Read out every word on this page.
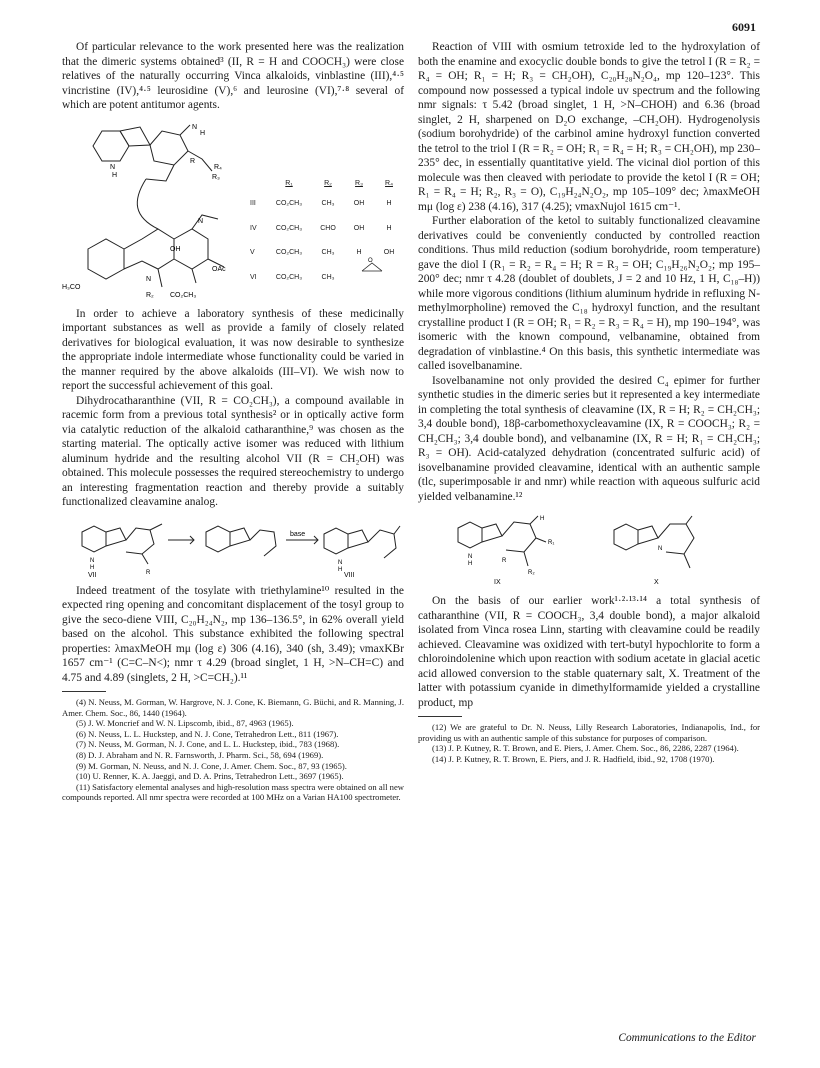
6091

Of particular relevance to the work presented here was the realization that the dimeric systems obtained³ (II, R = H and COOCH₃) were close relatives of the naturally occurring Vinca alkaloids, vinblastine (III),⁴·⁵ vincristine (IV),⁴·⁵ leurosidine (V),⁶ and leurosine (VI),⁷·⁸ several of which are potent antitumor agents.

N
H
N
H
R₄
R₃
R
H₃CO
N
OH
OAc
R₂ CO₂CH₃
N
O
R₁	R₂	R₃	R₄
III	CO₂CH₃	CH₃	OH	H
IV	CO₂CH₃	CHO	OH	H
V	CO₂CH₃	CH₃	H	OH
VI	CO₂CH₃	CH₃

In order to achieve a laboratory synthesis of these medicinally important substances as well as provide a family of closely related derivatives for biological evaluation, it was now desirable to synthesize the appropriate indole intermediate whose functionality could be varied in the manner required by the above alkaloids (III–VI). We wish now to report the successful achievement of this goal.

Dihydrocatharanthine (VII, R = CO₂CH₃), a compound available in racemic form from a previous total synthesis² or in optically active form via catalytic reduction of the alkaloid catharanthine,⁹ was chosen as the starting material. The optically active isomer was reduced with lithium aluminum hydride and the resulting alcohol VII (R = CH₂OH) was obtained. This molecule possesses the required stereochemistry to undergo an interesting fragmentation reaction and thereby provide a suitably functionalized cleavamine analog.

base
N
H
R
N
H
VII	VIII

Indeed treatment of the tosylate with triethylamine¹⁰ resulted in the expected ring opening and concomitant displacement of the tosyl group to give the seco-diene VIII, C₂₀H₂₄N₂, mp 136–136.5°, in 62% overall yield based on the alcohol. This substance exhibited the following spectral properties: λmaxMeOH mμ (log ε) 306 (4.16), 340 (sh, 3.49); νmaxKBr 1657 cm⁻¹ (C=C–N<); nmr τ 4.29 (broad singlet, 1 H, >N–CH=C) and 4.75 and 4.89 (singlets, 2 H, >C=CH₂).¹¹

(4) N. Neuss, M. Gorman, W. Hargrove, N. J. Cone, K. Biemann, G. Büchi, and R. Manning, J. Amer. Chem. Soc., 86, 1440 (1964).

(5) J. W. Moncrief and W. N. Lipscomb, ibid., 87, 4963 (1965).

(6) N. Neuss, L. L. Huckstep, and N. J. Cone, Tetrahedron Lett., 811 (1967).

(7) N. Neuss, M. Gorman, N. J. Cone, and L. L. Huckstep, ibid., 783 (1968).

(8) D. J. Abraham and N. R. Farnsworth, J. Pharm. Sci., 58, 694 (1969).

(9) M. Gorman, N. Neuss, and N. J. Cone, J. Amer. Chem. Soc., 87, 93 (1965).

(10) U. Renner, K. A. Jaeggi, and D. A. Prins, Tetrahedron Lett., 3697 (1965).

(11) Satisfactory elemental analyses and high-resolution mass spectra were obtained on all new compounds reported. All nmr spectra were recorded at 100 MHz on a Varian HA100 spectrometer.

Reaction of VIII with osmium tetroxide led to the hydroxylation of both the enamine and exocyclic double bonds to give the tetrol I (R = R₂ = R₄ = OH; R₁ = H; R₃ = CH₂OH), C₂₀H₂₈N₂O₄, mp 120–123°. This compound now possessed a typical indole uv spectrum and the following nmr signals: τ 5.42 (broad singlet, 1 H, >N–CHOH) and 6.36 (broad singlet, 2 H, sharpened on D₂O exchange, –CH₂OH). Hydrogenolysis (sodium borohydride) of the carbinol amine hydroxyl function converted the tetrol to the triol I (R = R₂ = OH; R₁ = R₄ = H; R₃ = CH₂OH), mp 230–235° dec, in essentially quantitative yield. The vicinal diol portion of this molecule was then cleaved with periodate to provide the ketol I (R = OH; R₁ = R₄ = H; R₂, R₃ = O), C₁₉H₂₄N₂O₂, mp 105–109° dec; λmaxMeOH mμ (log ε) 238 (4.16), 317 (4.25); νmaxNujol 1615 cm⁻¹.

Further elaboration of the ketol to suitably functionalized cleavamine derivatives could be conveniently conducted by controlled reaction conditions. Thus mild reduction (sodium borohydride, room temperature) gave the diol I (R₁ = R₂ = R₄ = H; R = R₃ = OH; C₁₉H₂₆N₂O₂; mp 195–200° dec; nmr τ 4.28 (doublet of doublets, J = 2 and 10 Hz, 1 H, C₁₈–H)) while more vigorous conditions (lithium aluminum hydride in refluxing N-methylmorpholine) removed the C₁₈ hydroxyl function, and the resultant crystalline product I (R = OH; R₁ = R₂ = R₃ = R₄ = H), mp 190–194°, was isomeric with the known compound, velbanamine, obtained from degradation of vinblastine.⁴ On this basis, this synthetic intermediate was called isovelbanamine.

Isovelbanamine not only provided the desired C₄ epimer for further synthetic studies in the dimeric series but it represented a key intermediate in completing the total synthesis of cleavamine (IX, R = H; R₂ = CH₂CH₃; 3,4 double bond), 18β-carbomethoxycleavamine (IX, R = COOCH₃; R₂ = CH₂CH₃; 3,4 double bond), and velbanamine (IX, R = H; R₁ = CH₂CH₃; R₃ = OH). Acid-catalyzed dehydration (concentrated sulfuric acid) of isovelbanamine provided cleavamine, identical with an authentic sample (tlc, superimposable ir and nmr) while reaction with aqueous sulfuric acid yielded velbanamine.¹²

H
R₁
N
H	R
R₂
N
IX	X

On the basis of our earlier work¹·²·¹³·¹⁴ a total synthesis of catharanthine (VII, R = COOCH₃, 3,4 double bond), a major alkaloid isolated from Vinca rosea Linn, starting with cleavamine could be readily achieved. Cleavamine was oxidized with tert-butyl hypochlorite to form a chloroindolenine which upon reaction with sodium acetate in glacial acetic acid allowed conversion to the stable quaternary salt, X. Treatment of the latter with potassium cyanide in dimethylformamide yielded a crystalline product, mp

(12) We are grateful to Dr. N. Neuss, Lilly Research Laboratories, Indianapolis, Ind., for providing us with an authentic sample of this substance for purposes of comparison.

(13) J. P. Kutney, R. T. Brown, and E. Piers, J. Amer. Chem. Soc., 86, 2286, 2287 (1964).

(14) J. P. Kutney, R. T. Brown, E. Piers, and J. R. Hadfield, ibid., 92, 1708 (1970).

Communications to the Editor
